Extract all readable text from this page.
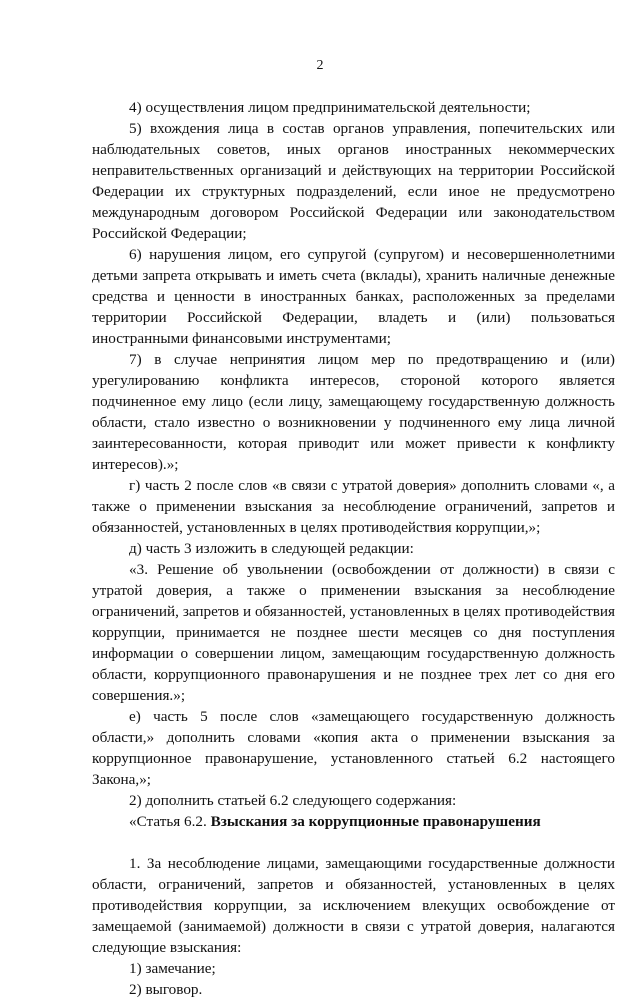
2

4) осуществления лицом предпринимательской деятельности;

5) вхождения лица в состав органов управления, попечительских или наблюдательных советов, иных органов иностранных некоммерческих неправительственных организаций и действующих на территории Российской Федерации их структурных подразделений, если иное не предусмотрено международным договором Российской Федерации или законодательством Российской Федерации;

6) нарушения лицом, его супругой (супругом) и несовершеннолетними детьми запрета открывать и иметь счета (вклады), хранить наличные денежные средства и ценности в иностранных банках, расположенных за пределами территории Российской Федерации, владеть и (или) пользоваться иностранными финансовыми инструментами;

7) в случае непринятия лицом мер по предотвращению и (или) урегулированию конфликта интересов, стороной которого является подчиненное ему лицо (если лицу, замещающему государственную должность области, стало известно о возникновении у подчиненного ему лица личной заинтересованности, которая приводит или может привести к конфликту интересов).»;

г) часть 2 после слов «в связи с утратой доверия» дополнить словами «, а также о применении взыскания за несоблюдение ограничений, запретов и обязанностей, установленных в целях противодействия коррупции,»;

д) часть 3 изложить в следующей редакции:

«3. Решение об увольнении (освобождении от должности) в связи с утратой доверия, а также о применении взыскания за несоблюдение ограничений, запретов и обязанностей, установленных в целях противодействия коррупции, принимается не позднее шести месяцев со дня поступления информации о совершении лицом, замещающим государственную должность области, коррупционного правонарушения и не позднее трех лет со дня его совершения.»;

е) часть 5 после слов «замещающего государственную должность области,» дополнить словами «копия акта о применении взыскания за коррупционное правонарушение, установленного статьей 6.2 настоящего Закона,»;

2) дополнить статьей 6.2 следующего содержания:

«Статья 6.2. Взыскания за коррупционные правонарушения

1. За несоблюдение лицами, замещающими государственные должности области, ограничений, запретов и обязанностей, установленных в целях противодействия коррупции, за исключением влекущих освобождение от замещаемой (занимаемой) должности в связи с утратой доверия, налагаются следующие взыскания:

1) замечание;

2) выговор.
